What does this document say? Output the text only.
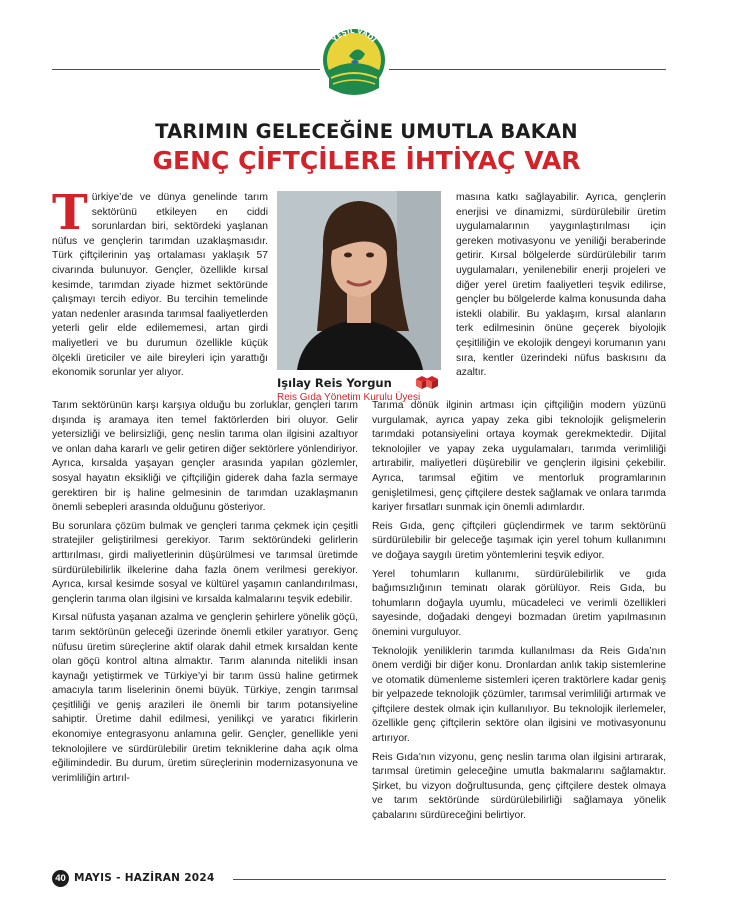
YEŞİL VADİ
TARIMIN GELECEĞİNE UMUTLA BAKAN
GENÇ ÇİFTÇİLERE İHTİYAÇ VAR

Türkiye’de ve dünya genelinde tarım sektörünü etkileyen en ciddi sorunlardan biri, sektördeki yaşlanan nüfus ve gençlerin tarımdan uzaklaşmasıdır. Türk çiftçilerinin yaş ortalaması yaklaşık 57 civarında bulunuyor. Gençler, özellikle kırsal kesimde, tarımdan ziyade hizmet sektöründe çalışmayı tercih ediyor. Bu tercihin temelinde yatan nedenler arasında tarımsal faaliyetlerden yeterli gelir elde edilememesi, artan girdi maliyetleri ve bu durumun özellikle küçük ölçekli üreticiler ve aile bireyleri için yarattığı ekonomik sorunlar yer alıyor.

Işılay Reis Yorgun
Reis Gıda Yönetim Kurulu Üyesi

Tarım sektörünün karşı karşıya olduğu bu zorluklar, gençleri tarım dışında iş aramaya iten temel faktörlerden biri oluyor. Gelir yetersizliği ve belirsizliği, genç neslin tarıma olan ilgisini azaltıyor ve onlan daha kararlı ve gelir getiren diğer sektörlere yönlendiriyor. Ayrıca, kırsalda yaşayan gençler arasında yapılan gözlemler, sosyal hayatın eksikliği ve çiftçiliğin giderek daha fazla sermaye gerektiren bir iş haline gelmesinin de tarımdan uzaklaşmanın önemli sebepleri arasında olduğunu gösteriyor.

Bu sorunlara çözüm bulmak ve gençleri tarıma çekmek için çeşitli stratejiler geliştirilmesi gerekiyor. Tarım sektöründeki gelirlerin arttırılması, girdi maliyetlerinin düşürülmesi ve tarımsal üretimde sürdürülebilirlik ilkelerine daha fazla önem verilmesi gerekiyor. Ayrıca, kırsal kesimde sosyal ve kültürel yaşamın canlandırılması, gençlerin tarıma olan ilgisini ve kırsalda kalmalarını teşvik edebilir.

Kırsal nüfusta yaşanan azalma ve gençlerin şehirlere yönelik göçü, tarım sektörünün geleceği üzerinde önemli etkiler yaratıyor. Genç nüfusu üretim süreçlerine aktif olarak dahil etmek kırsaldan kente olan göçü kontrol altına almaktır. Tarım alanında nitelikli insan kaynağı yetiştirmek ve Türkiye’yi bir tarım üssü haline getirmek amacıyla tarım liselerinin önemi büyük. Türkiye, zengin tarımsal çeşitliliği ve geniş arazileri ile önemli bir tarım potansiyeline sahiptir. Üretime dahil edilmesi, yenilikçi ve yaratıcı fikirlerin ekonomiye entegrasyonu anlamına gelir. Gençler, genellikle yeni teknolojilere ve sürdürülebilir üretim tekniklerine daha açık olma eğilimindedir. Bu durum, üretim süreçlerinin modernizasyonuna ve verimliliğin artırıl-

masına katkı sağlayabilir. Ayrıca, gençlerin enerjisi ve dinamizmi, sürdürülebilir üretim uygulamalarının yaygınlaştırılması için gereken motivasyonu ve yeniliği beraberinde getirir. Kırsal bölgelerde sürdürülebilir tarım uygulamaları, yenilenebilir enerji projeleri ve diğer yerel üretim faaliyetleri teşvik edilirse, gençler bu bölgelerde kalma konusunda daha istekli olabilir. Bu yaklaşım, kırsal alanların terk edilmesinin önüne geçerek biyolojik çeşitliliğin ve ekolojik dengeyi korumanın yanı sıra, kentler üzerindeki nüfus baskısını da azaltır.

Tarıma dönük ilginin artması için çiftçiliğin modern yüzünü vurgulamak, ayrıca yapay zeka gibi teknolojik gelişmelerin tarımdaki potansiyelini ortaya koymak gerekmektedir. Dijital teknolojiler ve yapay zeka uygulamaları, tarımda verimliliği artırabilir, maliyetleri düşürebilir ve gençlerin ilgisini çekebilir. Ayrıca, tarımsal eğitim ve mentorluk programlarının genişletilmesi, genç çiftçilere destek sağlamak ve onlara tarımda kariyer fırsatları sunmak için önemli adımlardır.

Reis Gıda, genç çiftçileri güçlendirmek ve tarım sektörünü sürdürülebilir bir geleceğe taşımak için yerel tohum kullanımını ve doğaya saygılı üretim yöntemlerini teşvik ediyor.

Yerel tohumların kullanımı, sürdürülebilirlik ve gıda bağımsızlığının teminatı olarak görülüyor. Reis Gıda, bu tohumların doğayla uyumlu, mücadeleci ve verimli özellikleri sayesinde, doğadaki dengeyi bozmadan üretim yapılmasının önemini vurguluyor.

Teknolojik yeniliklerin tarımda kullanılması da Reis Gıda’nın önem verdiği bir diğer konu. Dronlardan anlık takip sistemlerine ve otomatik dümenleme sistemleri içeren traktörlere kadar geniş bir yelpazede teknolojik çözümler, tarımsal verimliliği artırmak ve çiftçilere destek olmak için kullanılıyor. Bu teknolojik ilerlemeler, özellikle genç çiftçilerin sektöre olan ilgisini ve motivasyonunu artırıyor.

Reis Gıda’nın vizyonu, genç neslin tarıma olan ilgisini artırarak, tarımsal üretimin geleceğine umutla bakmalarını sağlamaktır. Şirket, bu vizyon doğrultusunda, genç çiftçilere destek olmaya ve tarım sektöründe sürdürülebilirliği sağlamaya yönelik çabalarını sürdüreceğini belirtiyor.

40 MAYIS - HAZİRAN 2024
